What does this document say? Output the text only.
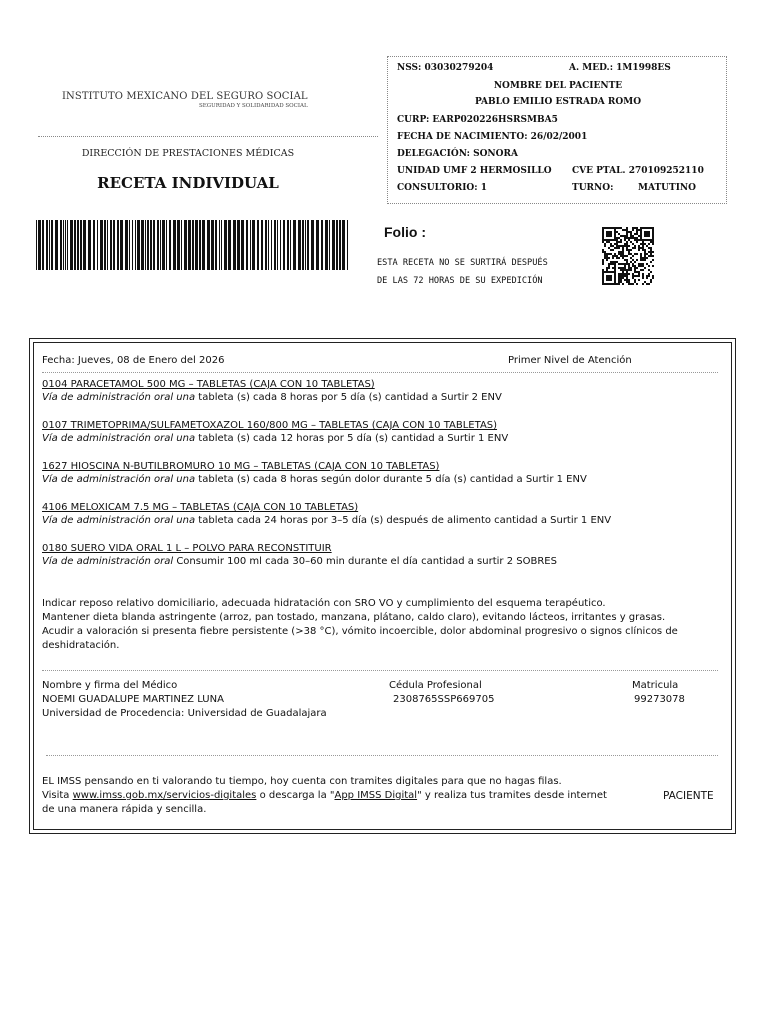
INSTITUTO MEXICANO DEL SEGURO SOCIAL
SEGURIDAD Y SOLIDARIDAD SOCIAL
DIRECCIÓN DE PRESTACIONES MÉDICAS
RECETA INDIVIDUAL
NSS: 03030279204	A. MED.: 1M1998ES
NOMBRE DEL PACIENTE
PABLO EMILIO ESTRADA ROMO
CURP: EARP020226HSRSMBA5
FECHA DE NACIMIENTO: 26/02/2001
DELEGACIÓN: SONORA
UNIDAD UMF 2 HERMOSILLO CVE PTAL. 270109252110
CONSULTORIO: 1	TURNO:	MATUTINO
Folio :
ESTA RECETA NO SE SURTIRÁ DESPUÉS
DE LAS 72 HORAS DE SU EXPEDICIÓN
Fecha: Jueves, 08 de Enero del 2026	Primer Nivel de Atención
0104 PARACETAMOL 500 MG – TABLETAS (CAJA CON 10 TABLETAS)
Vía de administración oral una tableta (s) cada 8 horas por 5 día (s) cantidad a Surtir 2 ENV
0107 TRIMETOPRIMA/SULFAMETOXAZOL 160/800 MG – TABLETAS (CAJA CON 10 TABLETAS)
Vía de administración oral una tableta (s) cada 12 horas por 5 día (s) cantidad a Surtir 1 ENV
1627 HIOSCINA N-BUTILBROMURO 10 MG – TABLETAS (CAJA CON 10 TABLETAS)
Vía de administración oral una tableta (s) cada 8 horas según dolor durante 5 día (s) cantidad a Surtir 1 ENV
4106 MELOXICAM 7.5 MG – TABLETAS (CAJA CON 10 TABLETAS)
Vía de administración oral una tableta cada 24 horas por 3–5 día (s) después de alimento cantidad a Surtir 1 ENV
0180 SUERO VIDA ORAL 1 L – POLVO PARA RECONSTITUIR
Vía de administración oral Consumir 100 ml cada 30–60 min durante el día cantidad a surtir 2 SOBRES
Indicar reposo relativo domiciliario, adecuada hidratación con SRO VO y cumplimiento del esquema terapéutico.
Mantener dieta blanda astringente (arroz, pan tostado, manzana, plátano, caldo claro), evitando lácteos, irritantes y grasas.
Acudir a valoración si presenta fiebre persistente (>38 °C), vómito incoercible, dolor abdominal progresivo o signos clínicos de
deshidratación.
Nombre y firma del Médico
NOEMI GUADALUPE MARTINEZ LUNA
Universidad de Procedencia: Universidad de Guadalajara
Cédula Profesional
2308765SSP669705
Matricula
99273078
EL IMSS pensando en ti valorando tu tiempo, hoy cuenta con tramites digitales para que no hagas filas.
Visita www.imss.gob.mx/servicios-digitales o descarga la "App IMSS Digital" y realiza tus tramites desde internet
de una manera rápida y sencilla.
PACIENTE
